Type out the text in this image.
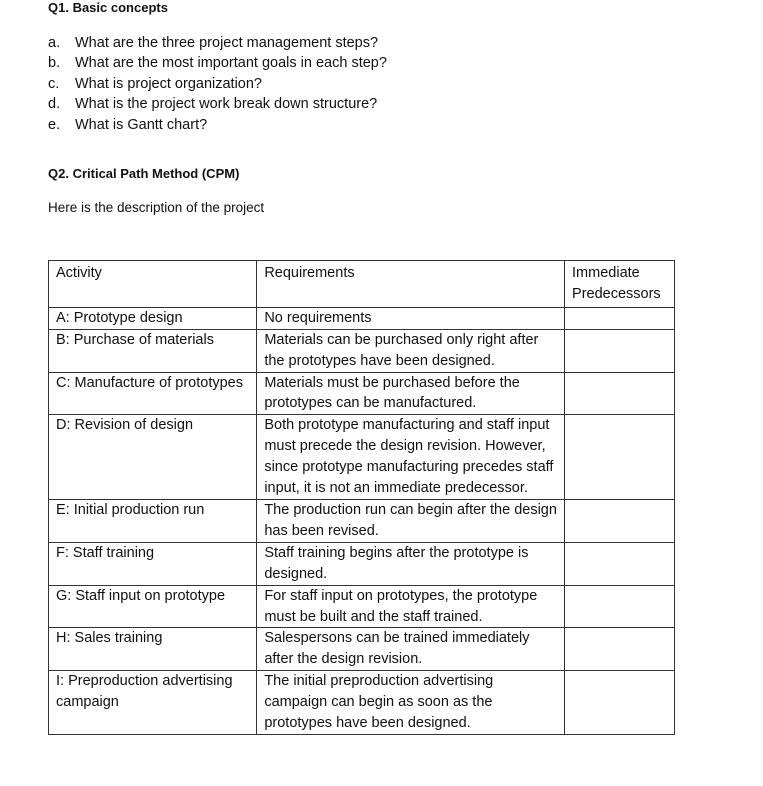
Q1. Basic concepts
a.	What are the three project management steps?
b.	What are the most important goals in each step?
c.	What is project organization?
d.	What is the project work break down structure?
e.	What is Gantt chart?
Q2. Critical Path Method (CPM)
Here is the description of the project
Activity	Requirements	Immediate Predecessors
A: Prototype design	No requirements	
B: Purchase of materials	Materials can be purchased only right after the prototypes have been designed.	
C: Manufacture of prototypes	Materials must be purchased before the prototypes can be manufactured.	
D: Revision of design	Both prototype manufacturing and staff input must precede the design revision. However, since prototype manufacturing precedes staff input, it is not an immediate predecessor.	
E: Initial production run	The production run can begin after the design has been revised.	
F: Staff training	Staff training begins after the prototype is designed.	
G: Staff input on prototype	For staff input on prototypes, the prototype must be built and the staff trained.	
H: Sales training	Salespersons can be trained immediately after the design revision.	
I: Preproduction advertising campaign	The initial preproduction advertising campaign can begin as soon as the prototypes have been designed.	
